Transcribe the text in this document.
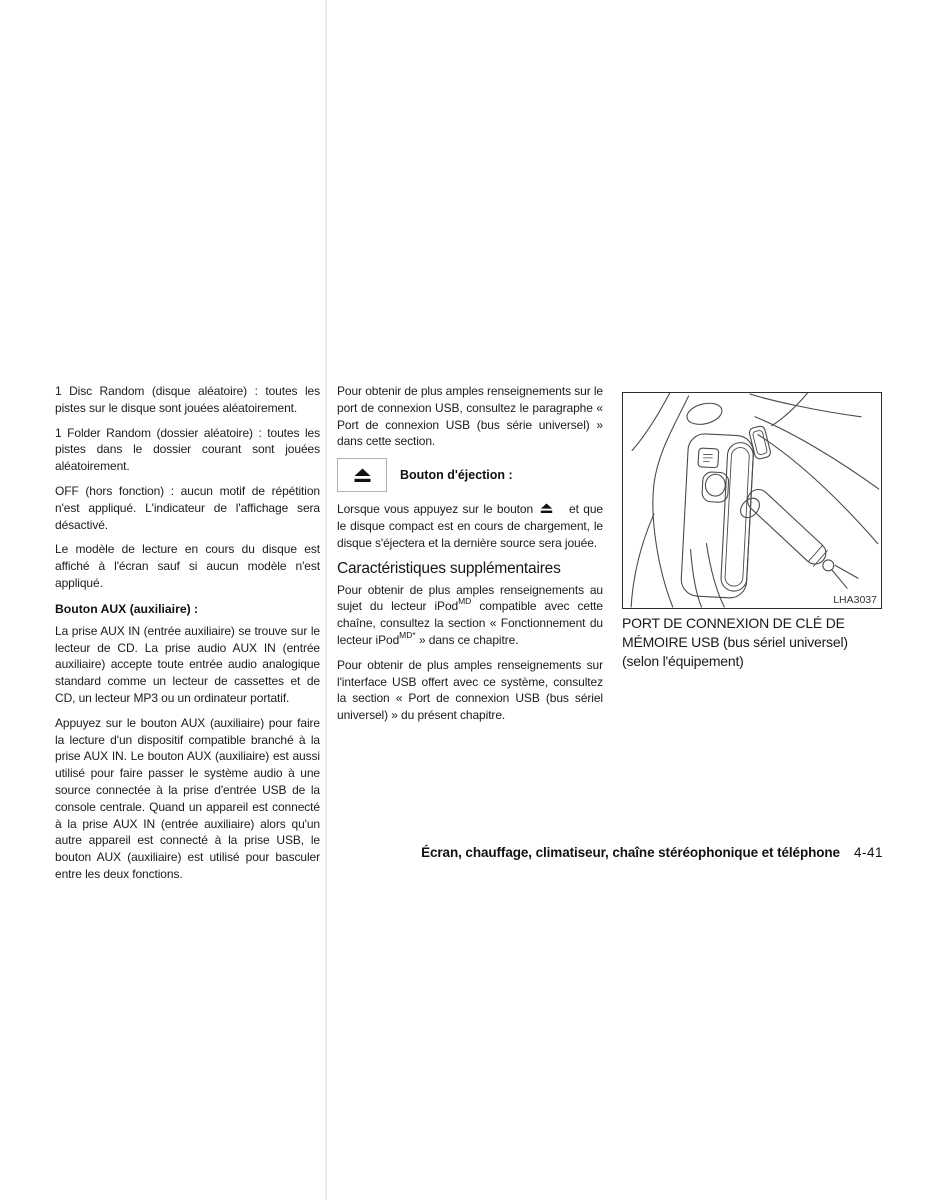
1 Disc Random (disque aléatoire) : toutes les pistes sur le disque sont jouées aléatoirement.

1 Folder Random (dossier aléatoire) : toutes les pistes dans le dossier courant sont jouées aléatoirement.

OFF (hors fonction) : aucun motif de répétition n'est appliqué. L'indicateur de l'affichage sera désactivé.

Le modèle de lecture en cours du disque est affiché à l'écran sauf si aucun modèle n'est appliqué.

Bouton AUX (auxiliaire) :

La prise AUX IN (entrée auxiliaire) se trouve sur le lecteur de CD. La prise audio AUX IN (entrée auxiliaire) accepte toute entrée audio analogique standard comme un lecteur de cassettes et de CD, un lecteur MP3 ou un ordinateur portatif.

Appuyez sur le bouton AUX (auxiliaire) pour faire la lecture d'un dispositif compatible branché à la prise AUX IN. Le bouton AUX (auxiliaire) est aussi utilisé pour faire passer le système audio à une source connectée à la prise d'entrée USB de la console centrale. Quand un appareil est connecté à la prise AUX IN (entrée auxiliaire) alors qu'un autre appareil est connecté à la prise USB, le bouton AUX (auxiliaire) est utilisé pour basculer entre les deux fonctions.

Pour obtenir de plus amples renseignements sur le port de connexion USB, consultez le paragraphe « Port de connexion USB (bus série universel) » dans cette section.

Bouton d'éjection :

Lorsque vous appuyez sur le bouton	et que le disque compact est en cours de chargement, le disque s'éjectera et la dernière source sera jouée.

Caractéristiques supplémentaires

Pour obtenir de plus amples renseignements au sujet du lecteur iPod$^{MD}$ compatible avec cette chaîne, consultez la section « Fonctionnement du lecteur iPod$^{MD*}$ » dans ce chapitre.

Pour obtenir de plus amples renseignements sur l'interface USB offert avec ce système, consultez la section « Port de connexion USB (bus sériel universel) » du présent chapitre.

LHA3037
PORT DE CONNEXION DE CLÉ DE MÉMOIRE USB (bus sériel universel) (selon l'équipement)
Écran, chauffage, climatiseur, chaîne stéréophonique et téléphone 4-41
